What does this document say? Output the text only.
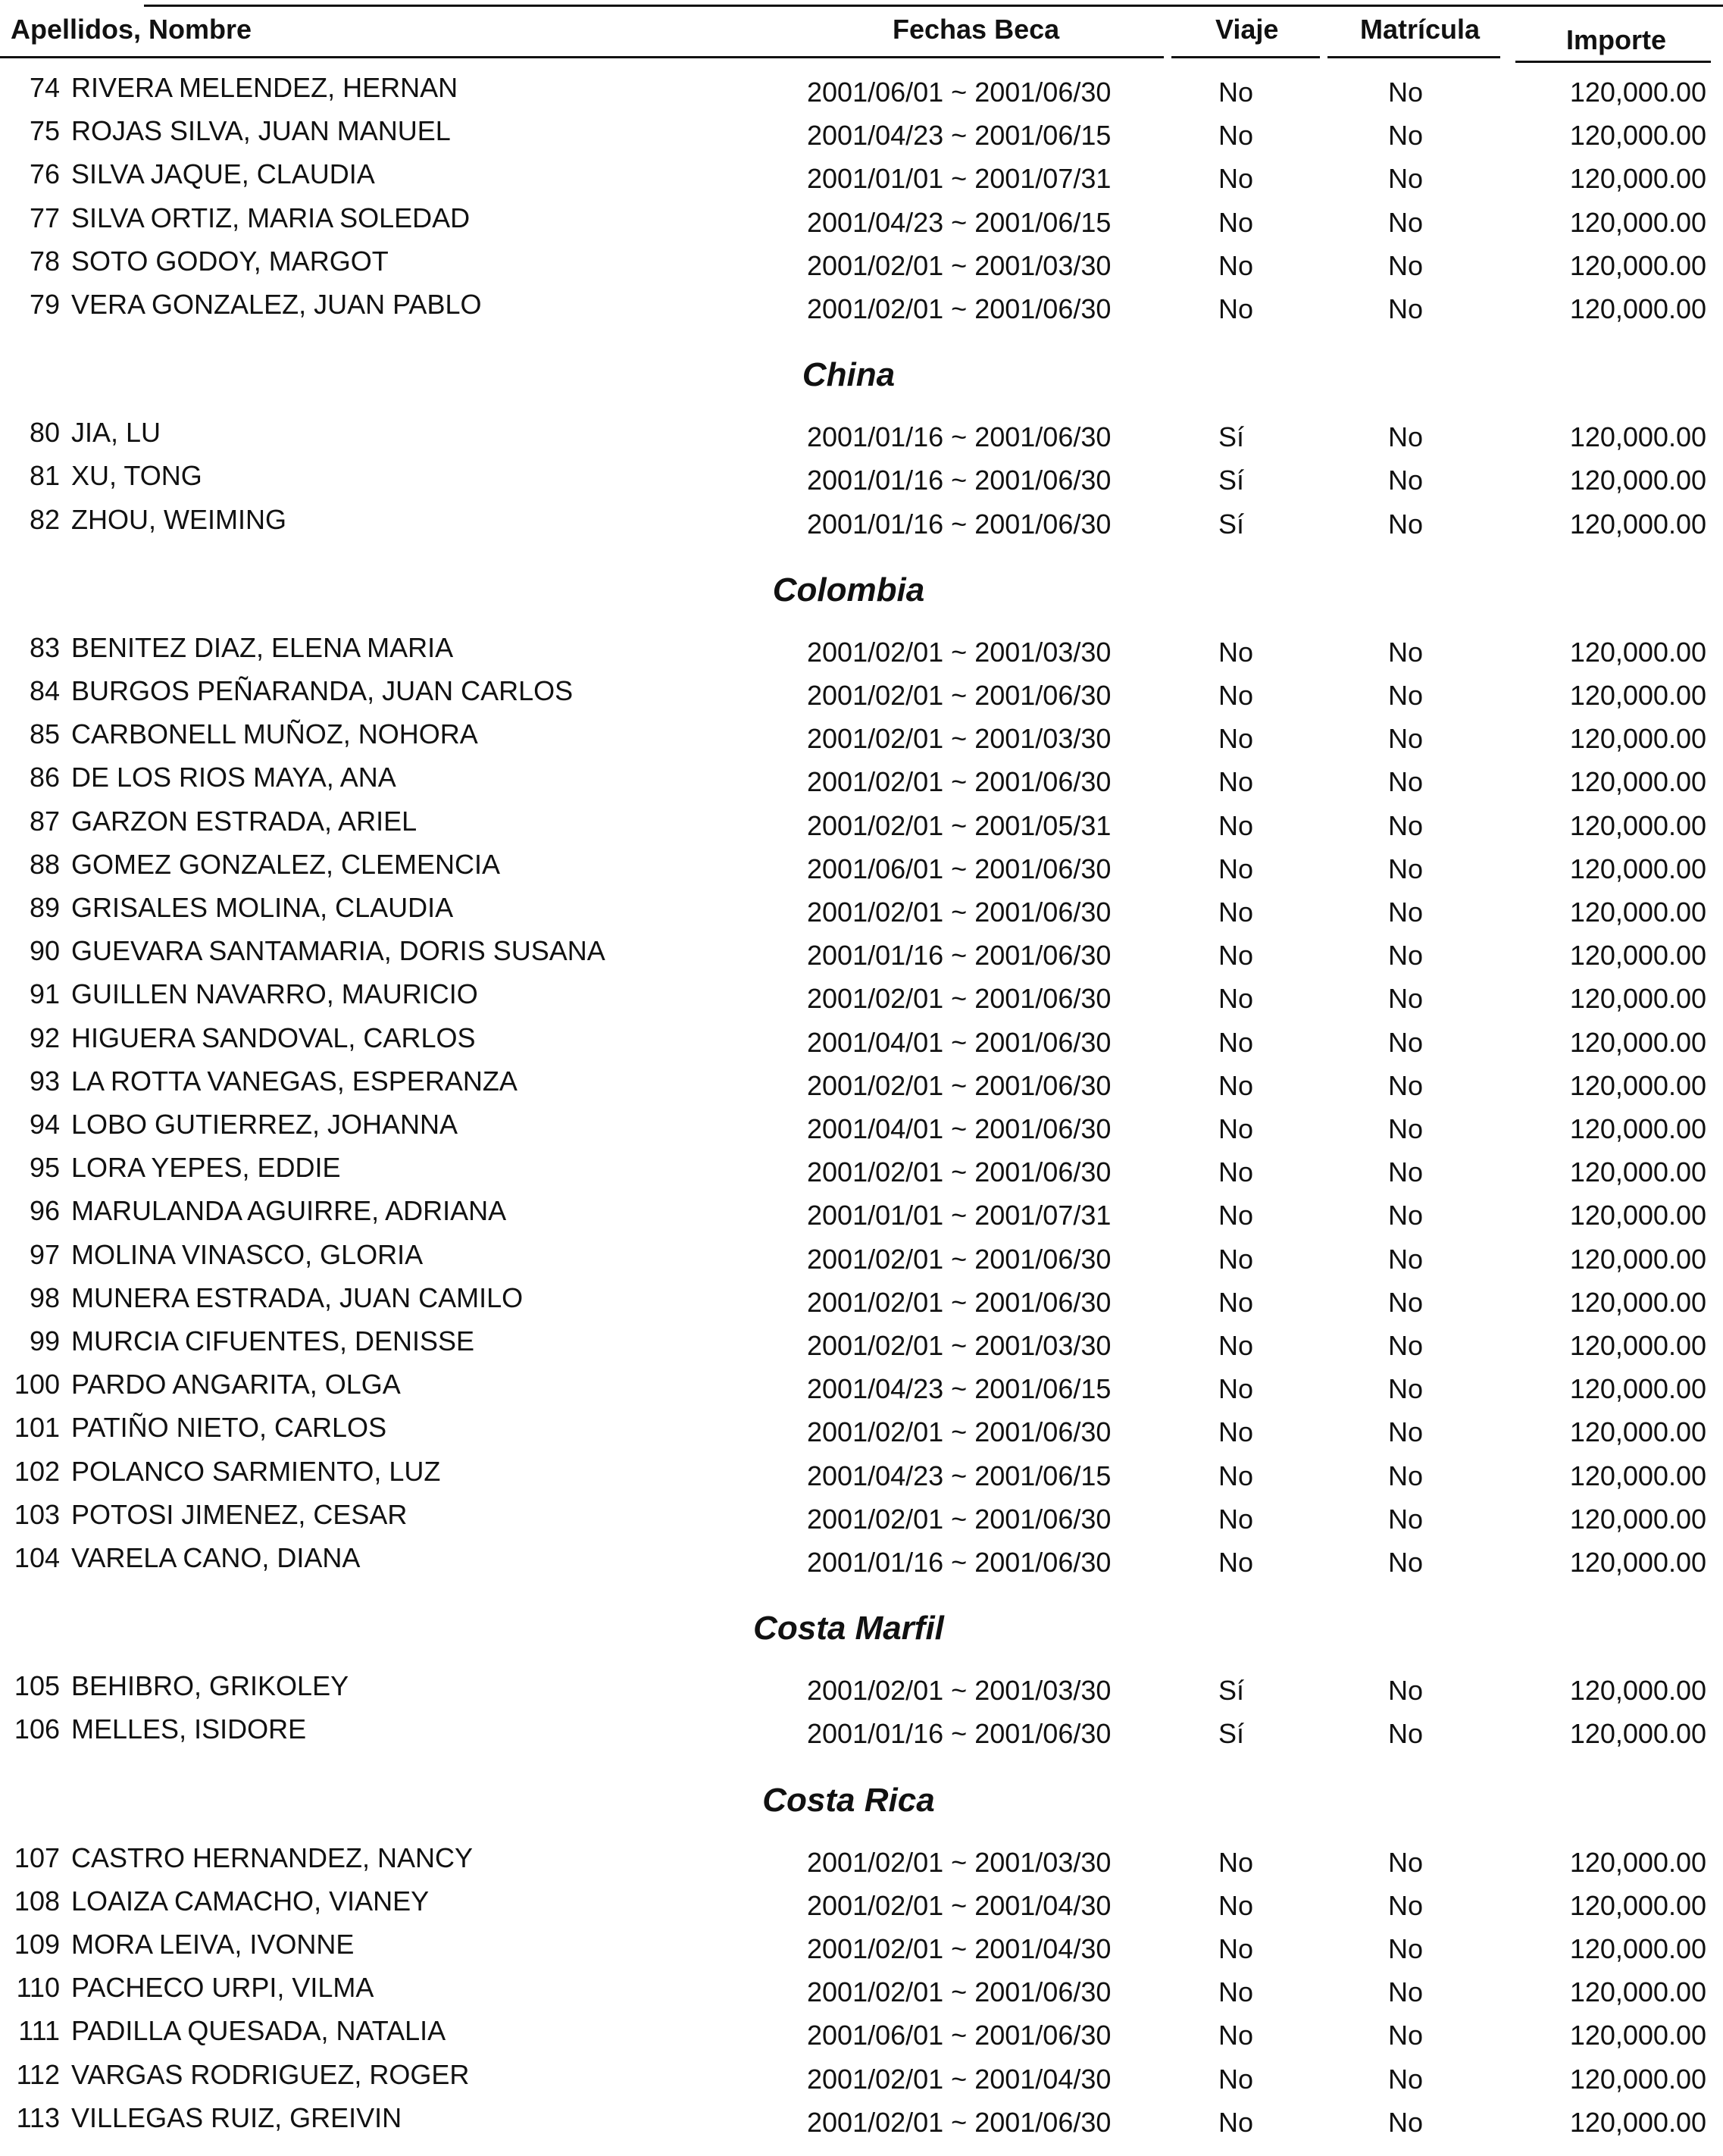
Apellidos, Nombre	Fechas Beca	Viaje	Matrícula	Importe
74 RIVERA MELENDEZ, HERNAN	2001/06/01 ~ 2001/06/30	No	No	120,000.00
75 ROJAS SILVA, JUAN MANUEL	2001/04/23 ~ 2001/06/15	No	No	120,000.00
76 SILVA JAQUE, CLAUDIA	2001/01/01 ~ 2001/07/31	No	No	120,000.00
77 SILVA ORTIZ, MARIA SOLEDAD	2001/04/23 ~ 2001/06/15	No	No	120,000.00
78 SOTO GODOY, MARGOT	2001/02/01 ~ 2001/03/30	No	No	120,000.00
79 VERA GONZALEZ, JUAN PABLO	2001/02/01 ~ 2001/06/30	No	No	120,000.00
China
80 JIA, LU	2001/01/16 ~ 2001/06/30	Sí	No	120,000.00
81 XU, TONG	2001/01/16 ~ 2001/06/30	Sí	No	120,000.00
82 ZHOU, WEIMING	2001/01/16 ~ 2001/06/30	Sí	No	120,000.00
Colombia
83 BENITEZ DIAZ, ELENA MARIA	2001/02/01 ~ 2001/03/30	No	No	120,000.00
84 BURGOS PEÑARANDA, JUAN CARLOS	2001/02/01 ~ 2001/06/30	No	No	120,000.00
85 CARBONELL MUÑOZ, NOHORA	2001/02/01 ~ 2001/03/30	No	No	120,000.00
86 DE LOS RIOS MAYA, ANA	2001/02/01 ~ 2001/06/30	No	No	120,000.00
87 GARZON ESTRADA, ARIEL	2001/02/01 ~ 2001/05/31	No	No	120,000.00
88 GOMEZ GONZALEZ, CLEMENCIA	2001/06/01 ~ 2001/06/30	No	No	120,000.00
89 GRISALES MOLINA, CLAUDIA	2001/02/01 ~ 2001/06/30	No	No	120,000.00
90 GUEVARA SANTAMARIA, DORIS SUSANA	2001/01/16 ~ 2001/06/30	No	No	120,000.00
91 GUILLEN NAVARRO, MAURICIO	2001/02/01 ~ 2001/06/30	No	No	120,000.00
92 HIGUERA SANDOVAL, CARLOS	2001/04/01 ~ 2001/06/30	No	No	120,000.00
93 LA ROTTA VANEGAS, ESPERANZA	2001/02/01 ~ 2001/06/30	No	No	120,000.00
94 LOBO GUTIERREZ, JOHANNA	2001/04/01 ~ 2001/06/30	No	No	120,000.00
95 LORA YEPES, EDDIE	2001/02/01 ~ 2001/06/30	No	No	120,000.00
96 MARULANDA AGUIRRE, ADRIANA	2001/01/01 ~ 2001/07/31	No	No	120,000.00
97 MOLINA VINASCO, GLORIA	2001/02/01 ~ 2001/06/30	No	No	120,000.00
98 MUNERA ESTRADA, JUAN CAMILO	2001/02/01 ~ 2001/06/30	No	No	120,000.00
99 MURCIA CIFUENTES, DENISSE	2001/02/01 ~ 2001/03/30	No	No	120,000.00
100 PARDO ANGARITA, OLGA	2001/04/23 ~ 2001/06/15	No	No	120,000.00
101 PATIÑO NIETO, CARLOS	2001/02/01 ~ 2001/06/30	No	No	120,000.00
102 POLANCO SARMIENTO, LUZ	2001/04/23 ~ 2001/06/15	No	No	120,000.00
103 POTOSI JIMENEZ, CESAR	2001/02/01 ~ 2001/06/30	No	No	120,000.00
104 VARELA CANO, DIANA	2001/01/16 ~ 2001/06/30	No	No	120,000.00
Costa Marfil
105 BEHIBRO, GRIKOLEY	2001/02/01 ~ 2001/03/30	Sí	No	120,000.00
106 MELLES, ISIDORE	2001/01/16 ~ 2001/06/30	Sí	No	120,000.00
Costa Rica
107 CASTRO HERNANDEZ, NANCY	2001/02/01 ~ 2001/03/30	No	No	120,000.00
108 LOAIZA CAMACHO, VIANEY	2001/02/01 ~ 2001/04/30	No	No	120,000.00
109 MORA LEIVA, IVONNE	2001/02/01 ~ 2001/04/30	No	No	120,000.00
110 PACHECO URPI, VILMA	2001/02/01 ~ 2001/06/30	No	No	120,000.00
111 PADILLA QUESADA, NATALIA	2001/06/01 ~ 2001/06/30	No	No	120,000.00
112 VARGAS RODRIGUEZ, ROGER	2001/02/01 ~ 2001/04/30	No	No	120,000.00
113 VILLEGAS RUIZ, GREIVIN	2001/02/01 ~ 2001/06/30	No	No	120,000.00
